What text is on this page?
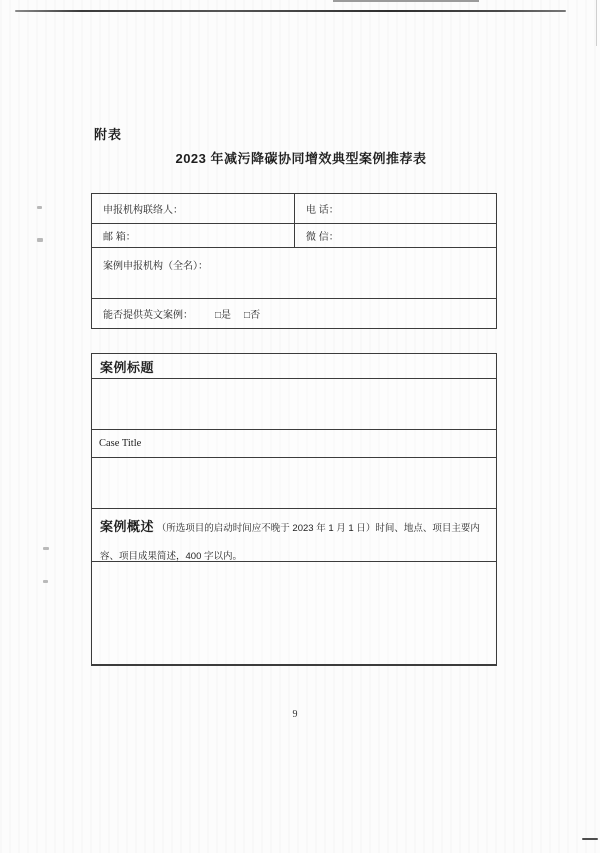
附表
2023 年减污降碳协同增效典型案例推荐表
申报机构联络人：	电 话：
邮 箱：	微 信：
案例申报机构（全名）：
能否提供英文案例： □是 □否
案例标题
Case Title
案例概述 （所选项目的启动时间应不晚于 2023 年 1 月 1 日）时间、地点、项目主要内容、项目成果简述，400 字以内。
9
